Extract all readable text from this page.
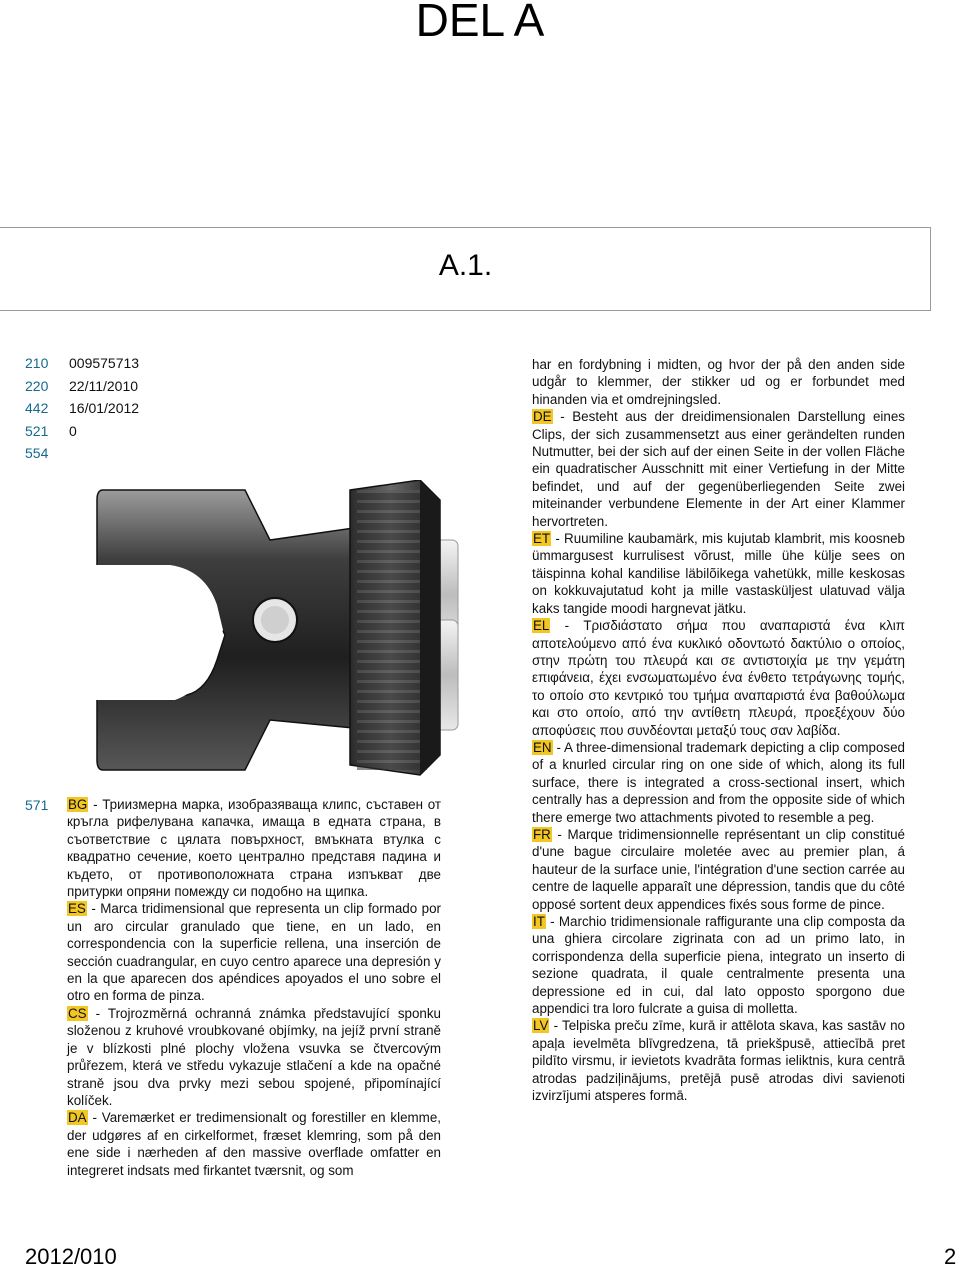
DEL A
A.1.
210 009575713
220 22/11/2010
442 16/01/2012
521 0
554
571 BG - Триизмерна марка, изобразяваща клипс, съставен от кръгла рифелувана капачка, имаща в едната страна, в съответствие с цялата повърхност, вмъкната втулка с квадратно сечение, което централно представя падина и където, от противоположната страна изпъкват две притурки опряни помежду си подобно на щипка.

ES - Marca tridimensional que representa un clip formado por un aro circular granulado que tiene, en un lado, en correspondencia con la superficie rellena, una inserción de sección cuadrangular, en cuyo centro aparece una depresión y en la que aparecen dos apéndices apoyados el uno sobre el otro en forma de pinza.

CS - Trojrozměrná ochranná známka představující sponku složenou z kruhové vroubkované objímky, na jejíž první straně je v blízkosti plné plochy vložena vsuvka se čtvercovým průřezem, která ve středu vykazuje stlačení a kde na opačné straně jsou dva prvky mezi sebou spojené, připomínající kolíček.

DA - Varemærket er tredimensionalt og forestiller en klemme, der udgøres af en cirkelformet, fræset klemring, som på den ene side i nærheden af den massive overflade omfatter en integreret indsats med firkantet tværsnit, og som

har en fordybning i midten, og hvor der på den anden side udgår to klemmer, der stikker ud og er forbundet med hinanden via et omdrejningsled.

DE - Besteht aus der dreidimensionalen Darstellung eines Clips, der sich zusammensetzt aus einer gerändelten runden Nutmutter, bei der sich auf der einen Seite in der vollen Fläche ein quadratischer Ausschnitt mit einer Vertiefung in der Mitte befindet, und auf der gegenüberliegenden Seite zwei miteinander verbundene Elemente in der Art einer Klammer hervortreten.

ET - Ruumiline kaubamärk, mis kujutab klambrit, mis koosneb ümmargusest kurrulisest võrust, mille ühe külje sees on täispinna kohal kandilise läbilõikega vahetükk, mille keskosas on kokkuvajutatud koht ja mille vastasküljest ulatuvad välja kaks tangide moodi hargnevat jätku.

EL - Τρισδιάστατο σήμα που αναπαριστά ένα κλιπ αποτελούμενο από ένα κυκλικό οδοντωτό δακτύλιο ο οποίος, στην πρώτη του πλευρά και σε αντιστοιχία με την γεμάτη επιφάνεια, έχει ενσωματωμένο ένα ένθετο τετράγωνης τομής, το οποίο στο κεντρικό του τμήμα αναπαριστά ένα βαθούλωμα και στο οποίο, από την αντίθετη πλευρά, προεξέχουν δύο αποφύσεις που συνδέονται μεταξύ τους σαν λαβίδα.

EN - A three-dimensional trademark depicting a clip composed of a knurled circular ring on one side of which, along its full surface, there is integrated a cross-sectional insert, which centrally has a depression and from the opposite side of which there emerge two attachments pivoted to resemble a peg.

FR - Marque tridimensionnelle représentant un clip constitué d'une bague circulaire moletée avec au premier plan, á hauteur de la surface unie, l'intégration d'une section carrée au centre de laquelle apparaît une dépression, tandis que du côté opposé sortent deux appendices fixés sous forme de pince.

IT - Marchio tridimensionale raffigurante una clip composta da una ghiera circolare zigrinata con ad un primo lato, in corrispondenza della superficie piena, integrato un inserto di sezione quadrata, il quale centralmente presenta una depressione ed in cui, dal lato opposto sporgono due appendici tra loro fulcrate a guisa di molletta.

LV - Telpiska preču zīme, kurā ir attēlota skava, kas sastāv no apaļa ievelmēta blīvgredzena, tā priekšpusē, attiecībā pret pildīto virsmu, ir ievietots kvadrāta formas ieliktnis, kura centrā atrodas padziļinājums, pretējā pusē atrodas divi savienoti izvirzījumi atsperes formā.

2012/010	2
